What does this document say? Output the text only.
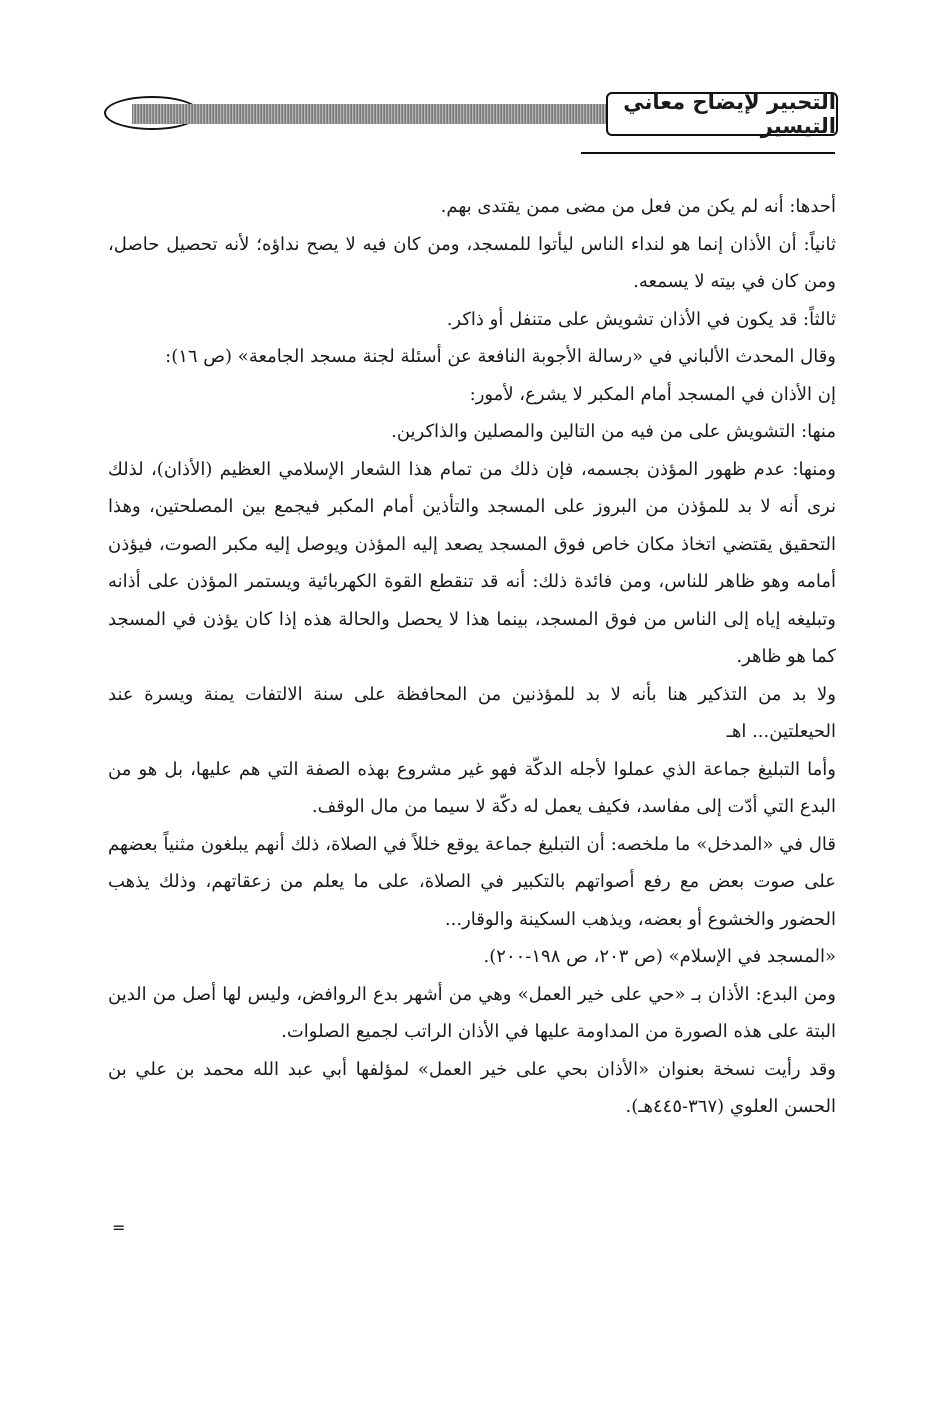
التحبير لإيضاح معاني التيسير

أحدها: أنه لم يكن من فعل من مضى ممن يقتدى بهم.

ثانياً: أن الأذان إنما هو لنداء الناس ليأتوا للمسجد، ومن كان فيه لا يصح نداؤه؛ لأنه تحصيل حاصل، ومن كان في بيته لا يسمعه.

ثالثاً: قد يكون في الأذان تشويش على متنفل أو ذاكر.

وقال المحدث الألباني في «رسالة الأجوبة النافعة عن أسئلة لجنة مسجد الجامعة» (ص ١٦):

إن الأذان في المسجد أمام المكبر لا يشرع، لأمور:

منها: التشويش على من فيه من التالين والمصلين والذاكرين.

ومنها: عدم ظهور المؤذن بجسمه، فإن ذلك من تمام هذا الشعار الإسلامي العظيم (الأذان)، لذلك نرى أنه لا بد للمؤذن من البروز على المسجد والتأذين أمام المكبر فيجمع بين المصلحتين، وهذا التحقيق يقتضي اتخاذ مكان خاص فوق المسجد يصعد إليه المؤذن ويوصل إليه مكبر الصوت، فيؤذن أمامه وهو ظاهر للناس، ومن فائدة ذلك: أنه قد تنقطع القوة الكهربائية ويستمر المؤذن على أذانه وتبليغه إياه إلى الناس من فوق المسجد، بينما هذا لا يحصل والحالة هذه إذا كان يؤذن في المسجد كما هو ظاهر.

ولا بد من التذكير هنا بأنه لا بد للمؤذنين من المحافظة على سنة الالتفات يمنة ويسرة عند الحيعلتين... اهـ

وأما التبليغ جماعة الذي عملوا لأجله الدكّة فهو غير مشروع بهذه الصفة التي هم عليها، بل هو من البدع التي أدّت إلى مفاسد، فكيف يعمل له دكّة لا سيما من مال الوقف.

قال في «المدخل» ما ملخصه: أن التبليغ جماعة يوقع خللاً في الصلاة، ذلك أنهم يبلغون مثنياً بعضهم على صوت بعض مع رفع أصواتهم بالتكبير في الصلاة، على ما يعلم من زعقاتهم، وذلك يذهب الحضور والخشوع أو بعضه، ويذهب السكينة والوقار...

«المسجد في الإسلام» (ص ٢٠٣، ص ١٩٨-٢٠٠).

ومن البدع: الأذان بـ «حي على خير العمل» وهي من أشهر بدع الروافض، وليس لها أصل من الدين البتة على هذه الصورة من المداومة عليها في الأذان الراتب لجميع الصلوات.

وقد رأيت نسخة بعنوان «الأذان بحي على خير العمل» لمؤلفها أبي عبد الله محمد بن علي بن الحسن العلوي (٣٦٧-٤٤٥هـ).

=
